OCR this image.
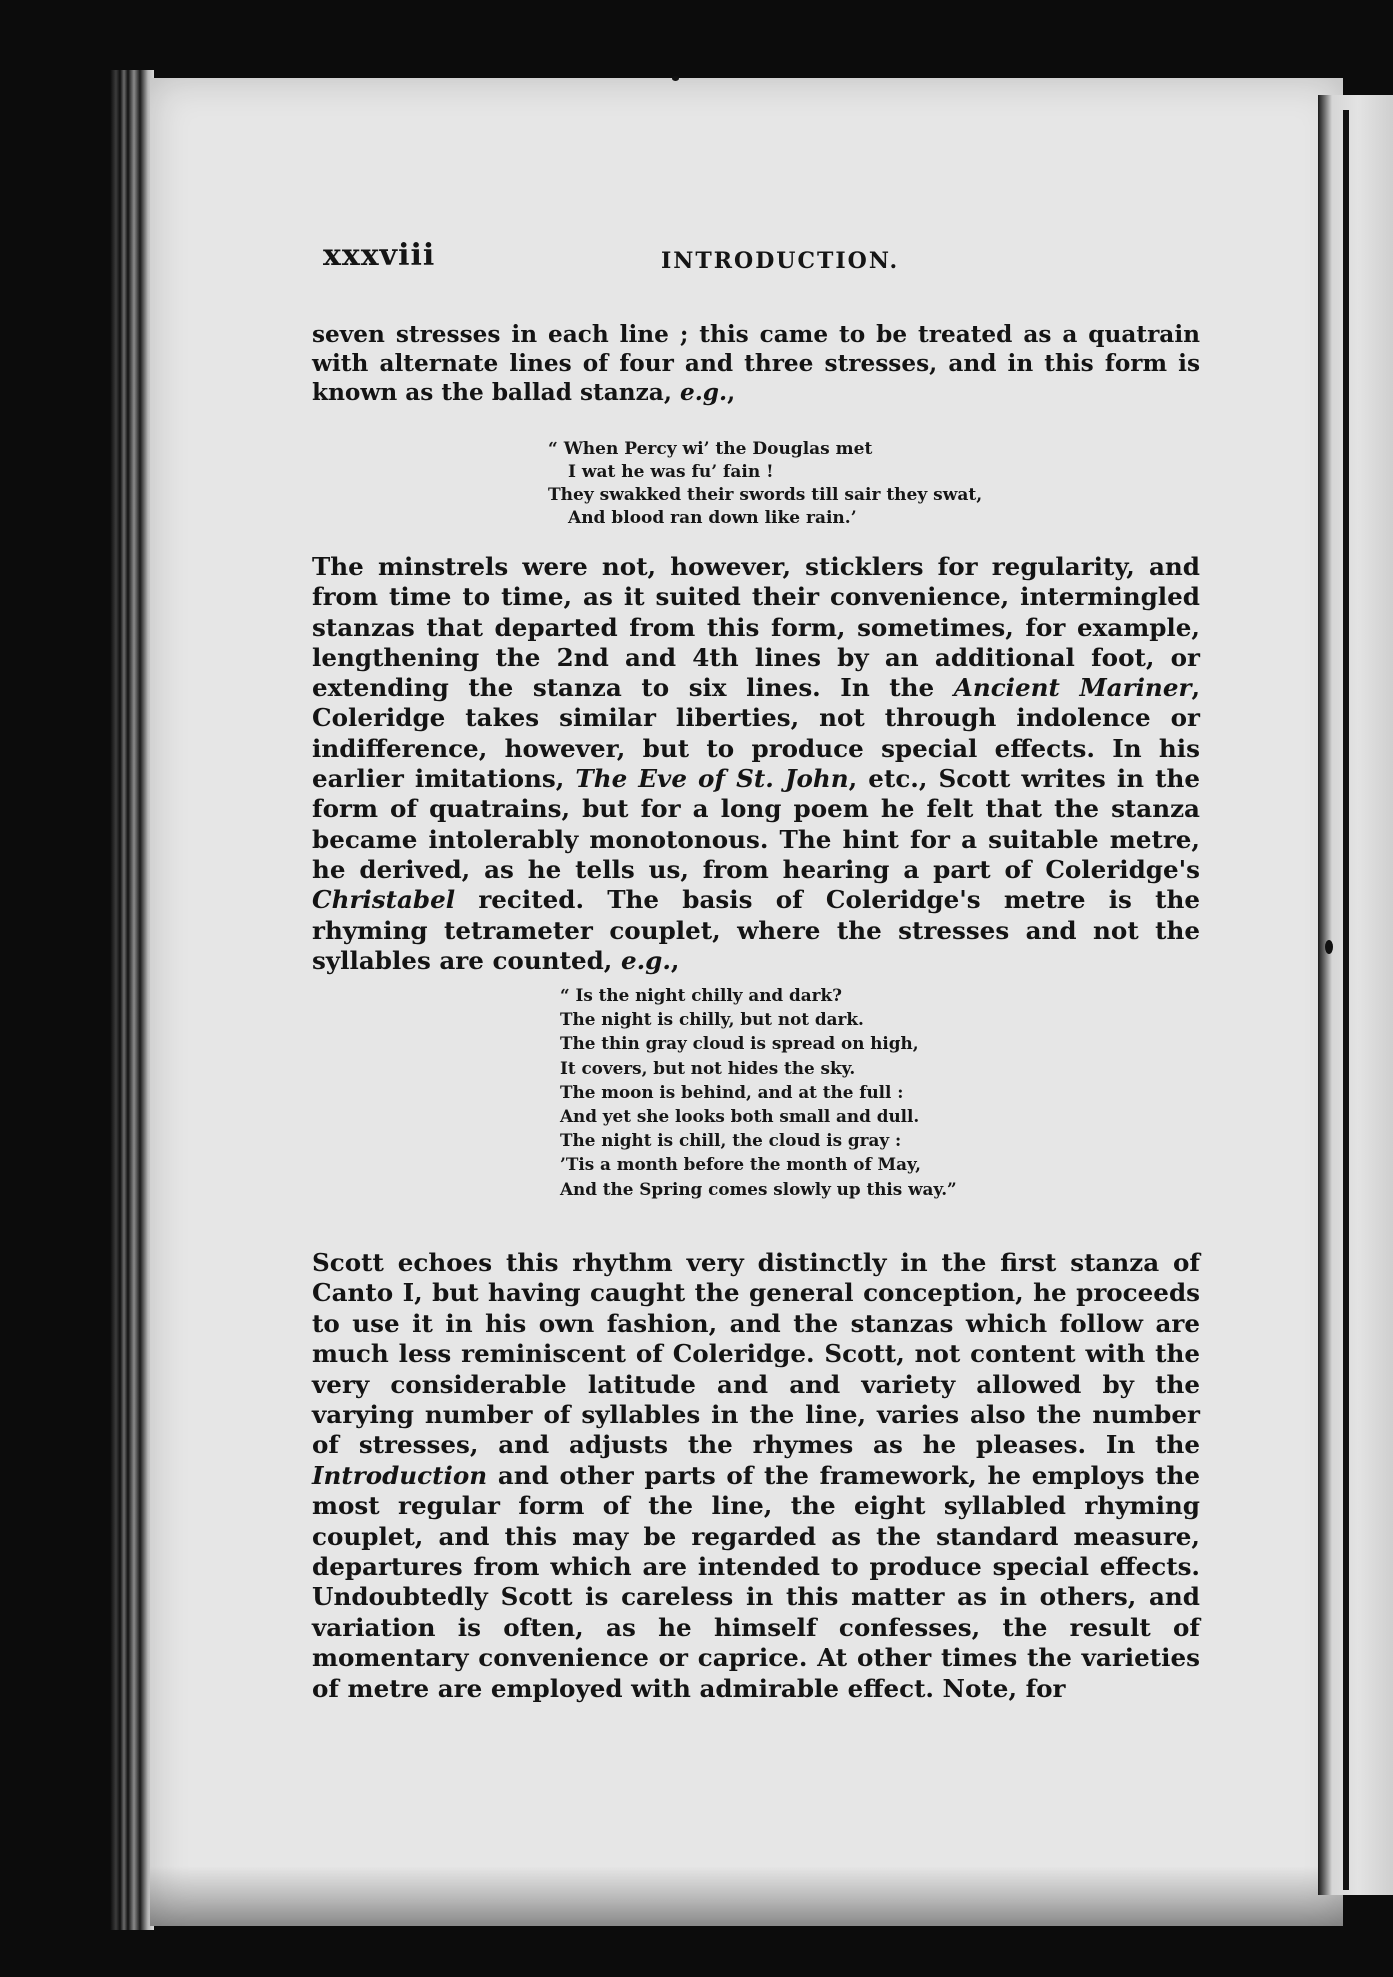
xxxviii	INTRODUCTION.

seven stresses in each line ; this came to be treated as a quatrain with alternate lines of four and three stresses, and in this form is known as the ballad stanza, e.g.,

“ When Percy wi’ the Douglas met
I wat he was fu’ fain !
They swakked their swords till sair they swat,
And blood ran down like rain.’

The minstrels were not, however, sticklers for regularity, and from time to time, as it suited their convenience, intermingled stanzas that departed from this form, sometimes, for example, lengthening the 2nd and 4th lines by an additional foot, or extending the stanza to six lines. In the Ancient Mariner, Coleridge takes similar liberties, not through indolence or indifference, however, but to produce special effects. In his earlier imitations, The Eve of St. John, etc., Scott writes in the form of quatrains, but for a long poem he felt that the stanza became intolerably monotonous. The hint for a suitable metre, he derived, as he tells us, from hearing a part of Coleridge's Christabel recited. The basis of Coleridge's metre is the rhyming tetrameter couplet, where the stresses and not the syllables are counted, e.g.,

“ Is the night chilly and dark?
The night is chilly, but not dark.
The thin gray cloud is spread on high,
It covers, but not hides the sky.
The moon is behind, and at the full :
And yet she looks both small and dull.
The night is chill, the cloud is gray :
’Tis a month before the month of May,
And the Spring comes slowly up this way.”

Scott echoes this rhythm very distinctly in the first stanza of Canto I, but having caught the general conception, he proceeds to use it in his own fashion, and the stanzas which follow are much less reminiscent of Coleridge. Scott, not content with the very considerable latitude and and variety allowed by the varying number of syllables in the line, varies also the number of stresses, and adjusts the rhymes as he pleases. In the Introduction and other parts of the framework, he employs the most regular form of the line, the eight syllabled rhyming couplet, and this may be regarded as the standard measure, departures from which are intended to produce special effects. Undoubtedly Scott is careless in this matter as in others, and variation is often, as he himself confesses, the result of momentary convenience or caprice. At other times the varieties of metre are employed with admirable effect. Note, for
